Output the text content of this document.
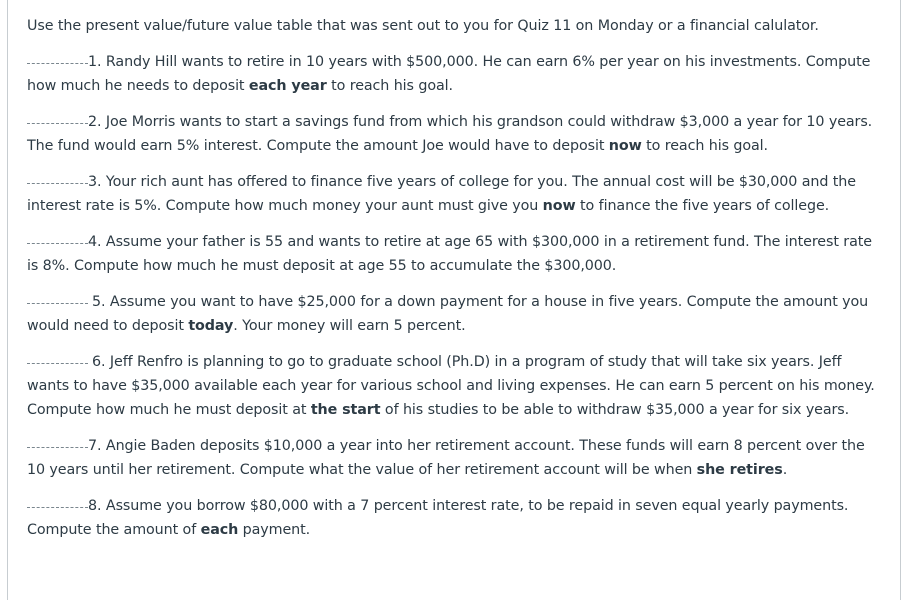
Use the present value/future value table that was sent out to you for Quiz 11 on Monday or a financial calulator.

1. Randy Hill wants to retire in 10 years with $500,000. He can earn 6% per year on his investments. Compute how much he needs to deposit each year to reach his goal.

2. Joe Morris wants to start a savings fund from which his grandson could withdraw $3,000 a year for 10 years. The fund would earn 5% interest. Compute the amount Joe would have to deposit now to reach his goal.

3. Your rich aunt has offered to finance five years of college for you. The annual cost will be $30,000 and the interest rate is 5%. Compute how much money your aunt must give you now to finance the five years of college.

4. Assume your father is 55 and wants to retire at age 65 with $300,000 in a retirement fund. The interest rate is 8%. Compute how much he must deposit at age 55 to accumulate the $300,000.

5. Assume you want to have $25,000 for a down payment for a house in five years. Compute the amount you would need to deposit today. Your money will earn 5 percent.

6. Jeff Renfro is planning to go to graduate school (Ph.D) in a program of study that will take six years. Jeff wants to have $35,000 available each year for various school and living expenses. He can earn 5 percent on his money. Compute how much he must deposit at the start of his studies to be able to withdraw $35,000 a year for six years.

7. Angie Baden deposits $10,000 a year into her retirement account. These funds will earn 8 percent over the 10 years until her retirement. Compute what the value of her retirement account will be when she retires.

8. Assume you borrow $80,000 with a 7 percent interest rate, to be repaid in seven equal yearly payments. Compute the amount of each payment.
